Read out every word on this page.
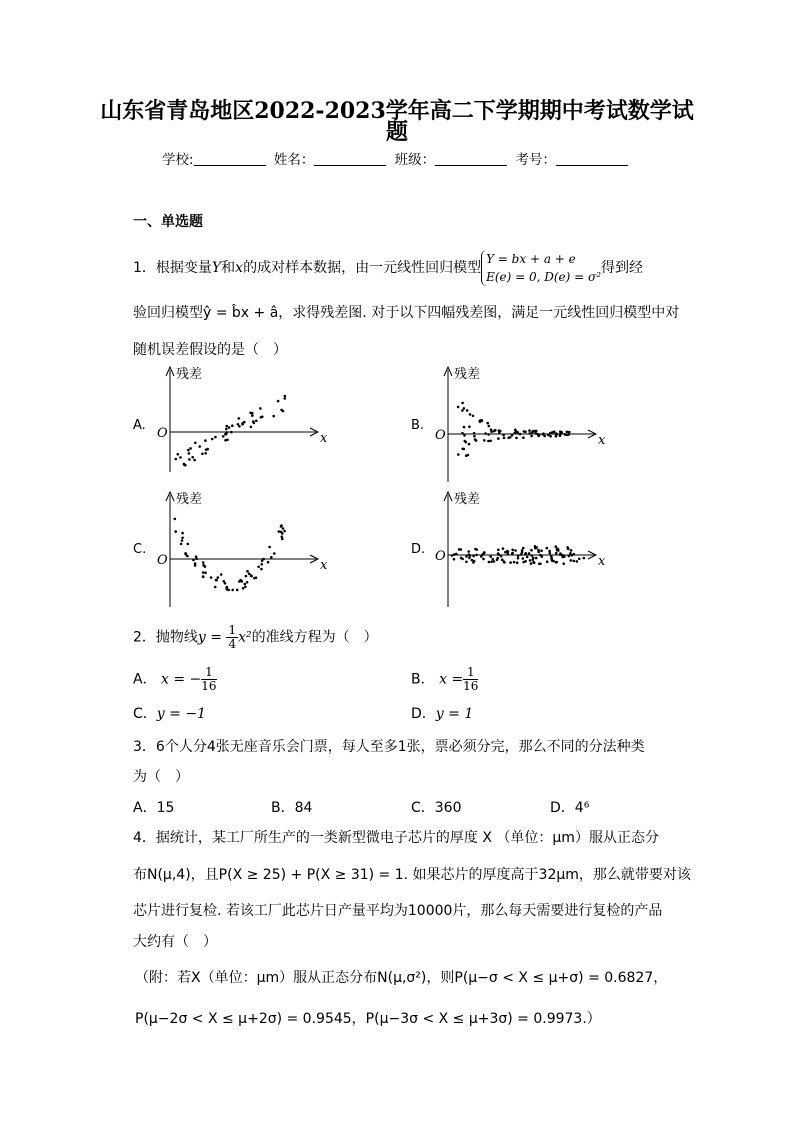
山东省青岛地区2022-2023学年高二下学期期中考试数学试
题
学校:	姓名：	班级：	考号：
一、单选题
1．根据变量Y和x的成对样本数据，由一元线性回归模型Y = bx + a + e
E(e) = 0, D(e) = σ²得到经
验回归模型ŷ = b̂x + â，求得残差图. 对于以下四幅残差图，满足一元线性回归模型中对
随机误差假设的是（　）
A.
残差
O	x
B.
残差
O	x
C.
残差
O	x
D.
残差
O	x
2．抛物线$y = \frac{1}{4} x^2$的准线方程为（　）
A． x = − $\frac{1}{16}$	B． $x = \frac{1}{16}$
C．y = −1	D．y = 1
3．6个人分4张无座音乐会门票，每人至多1张，票必须分完，那么不同的分法种类
为（　）
A．15	B．84	C．360	D．4⁶
4．据统计，某工厂所生产的一类新型微电子芯片的厚度 X （单位：μm）服从正态分
布N(μ,4)，且P(X ≥ 25) + P(X ≥ 31) = 1. 如果芯片的厚度高于32μm，那么就带要对该
芯片进行复检. 若该工厂此芯片日产量平均为10000片，那么每天需要进行复检的产品
大约有（　）
（附：若X（单位：μm）服从正态分布N(μ,σ²)，则P(μ−σ < X ≤ μ+σ) = 0.6827，
P(μ−2σ < X ≤ μ+2σ) = 0.9545，P(μ−3σ < X ≤ μ+3σ) = 0.9973.）
